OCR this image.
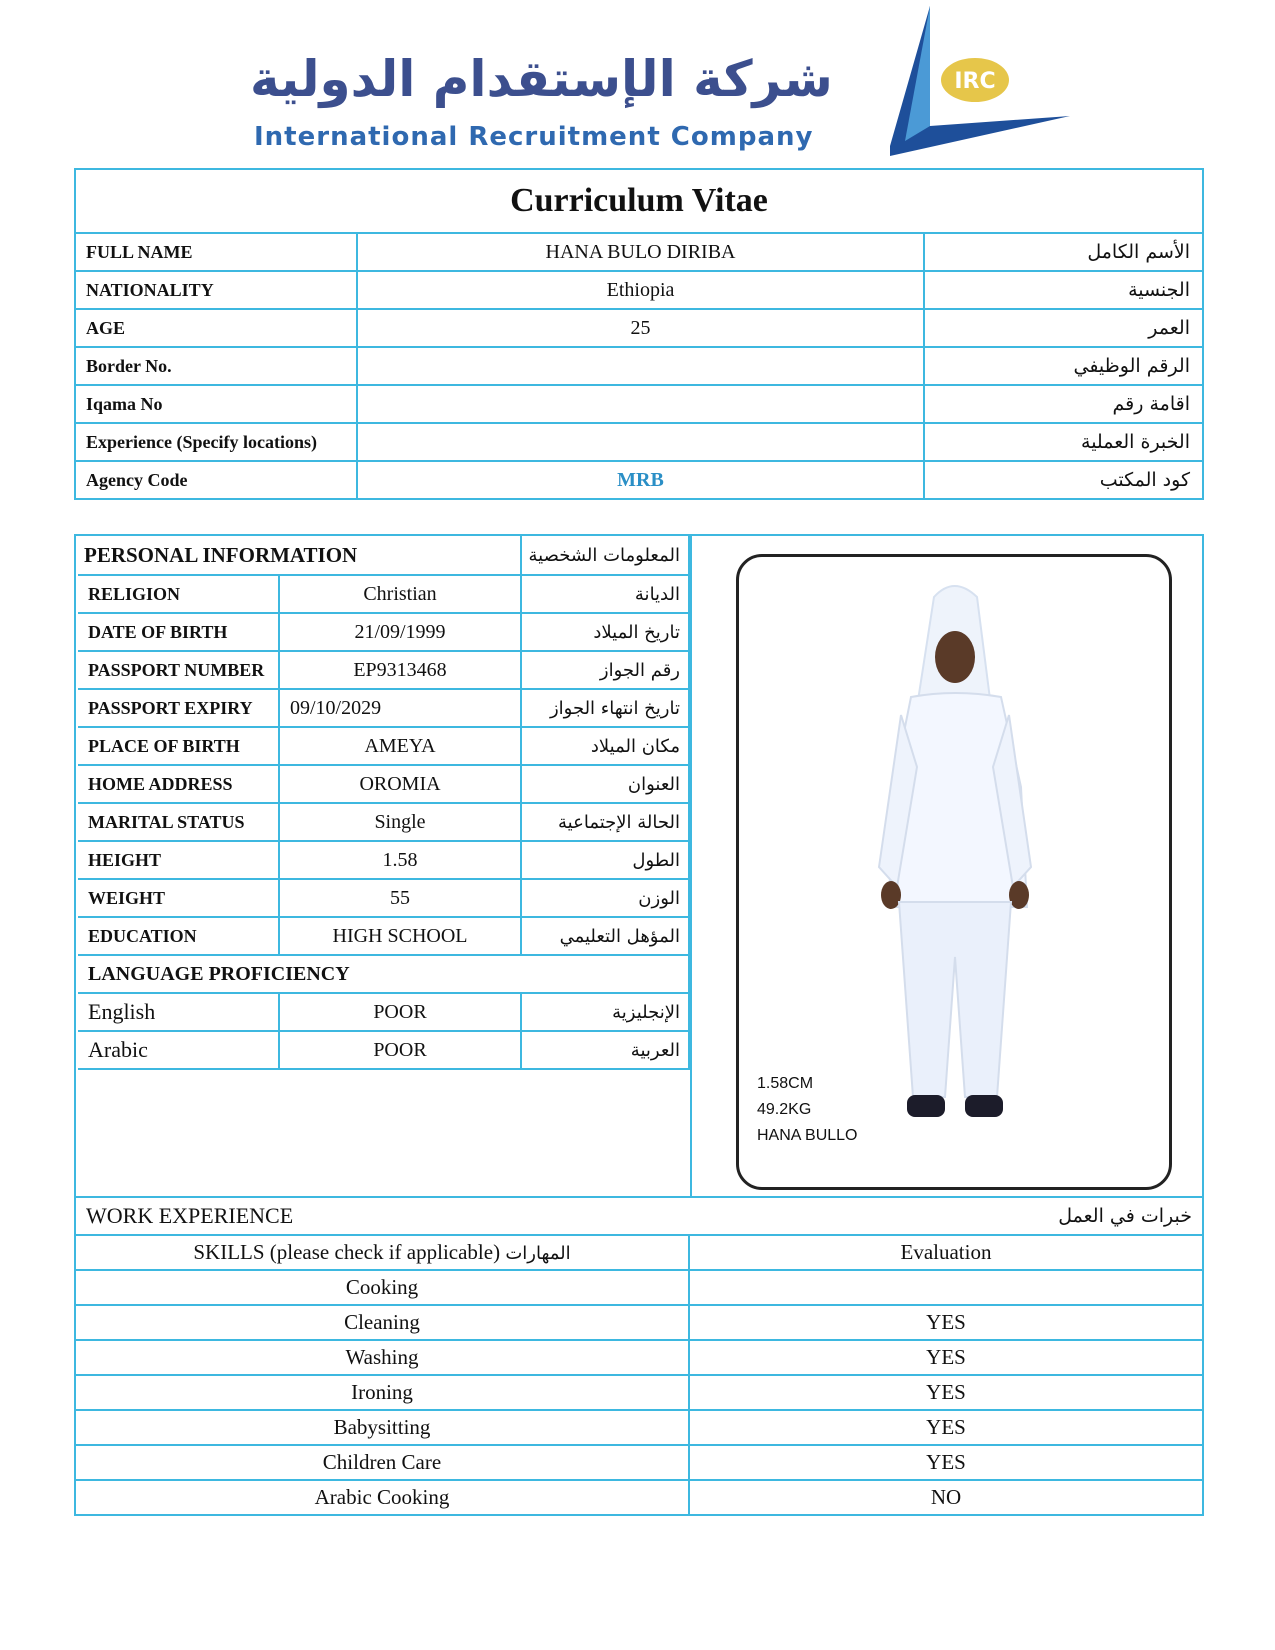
شركة الإستقدام الدولية
International Recruitment Company
IRC
Curriculum Vitae		
FULL NAME	HANA BULO DIRIBA	الأسم الكامل
NATIONALITY	Ethiopia	الجنسية
AGE	25	العمر
Border No.		الرقم الوظيفي
Iqama No		اقامة رقم
Experience (Specify locations)		الخبرة العملية
Agency Code	MRB	كود المكتب
PERSONAL INFORMATION		المعلومات الشخصية
RELIGION	Christian	الديانة
DATE OF BIRTH	21/09/1999	تاريخ الميلاد
PASSPORT NUMBER	EP9313468	رقم الجواز
PASSPORT EXPIRY	09/10/2029	تاريخ انتهاء الجواز
PLACE OF BIRTH	AMEYA	مكان الميلاد
HOME ADDRESS	OROMIA	العنوان
MARITAL STATUS	Single	الحالة الإجتماعية
HEIGHT	1.58	الطول
WEIGHT	55	الوزن
EDUCATION	HIGH SCHOOL	المؤهل التعليمي
LANGUAGE PROFICIENCY		
English	POOR	الإنجليزية
Arabic	POOR	العربية
1.58CM
49.2KG
HANA BULLO
WORK EXPERIENCE	خبرات في العمل
SKILLS (please check if applicable) المهارات	Evaluation
Cooking	
Cleaning	YES
Washing	YES
Ironing	YES
Babysitting	YES
Children Care	YES
Arabic Cooking	NO
